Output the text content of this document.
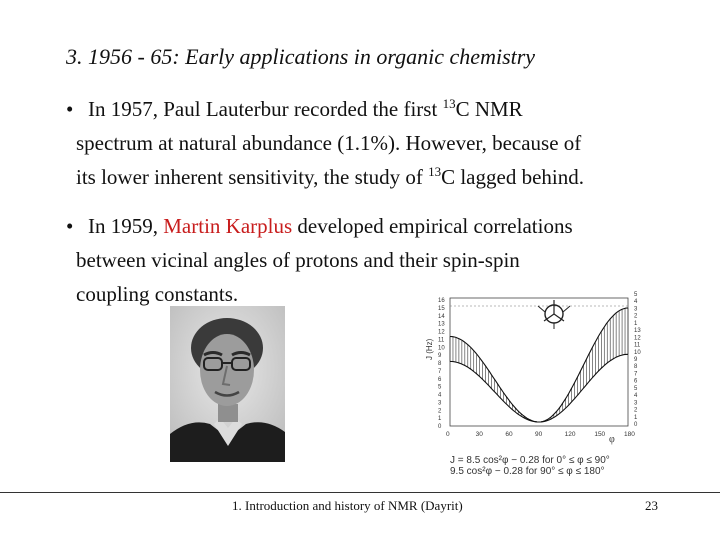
3. 1956 - 65: Early applications in organic chemistry
• In 1957, Paul Lauterbur recorded the first $^{13}$C NMR
spectrum at natural abundance (1.1%). However, because of
its lower inherent sensitivity, the study of $^{13}$C lagged behind.
• In 1959, Martin Karplus developed empirical correlations
between vicinal angles of protons and their spin-spin
coupling constants.
J (Hz)
φ
0	30	60	90	120	150	180
16
15
14
13
12
11
10
9
8
7
6
5
4
3
2
1
0
5
4
3
2
1
13
12
11
10
9
8
7
6
5
4
3
2
1
0
J = 8.5 cos²φ − 0.28 for 0° ≤ φ ≤ 90°
9.5 cos²φ − 0.28 for 90° ≤ φ ≤ 180°
1. Introduction and history of NMR (Dayrit)	23
